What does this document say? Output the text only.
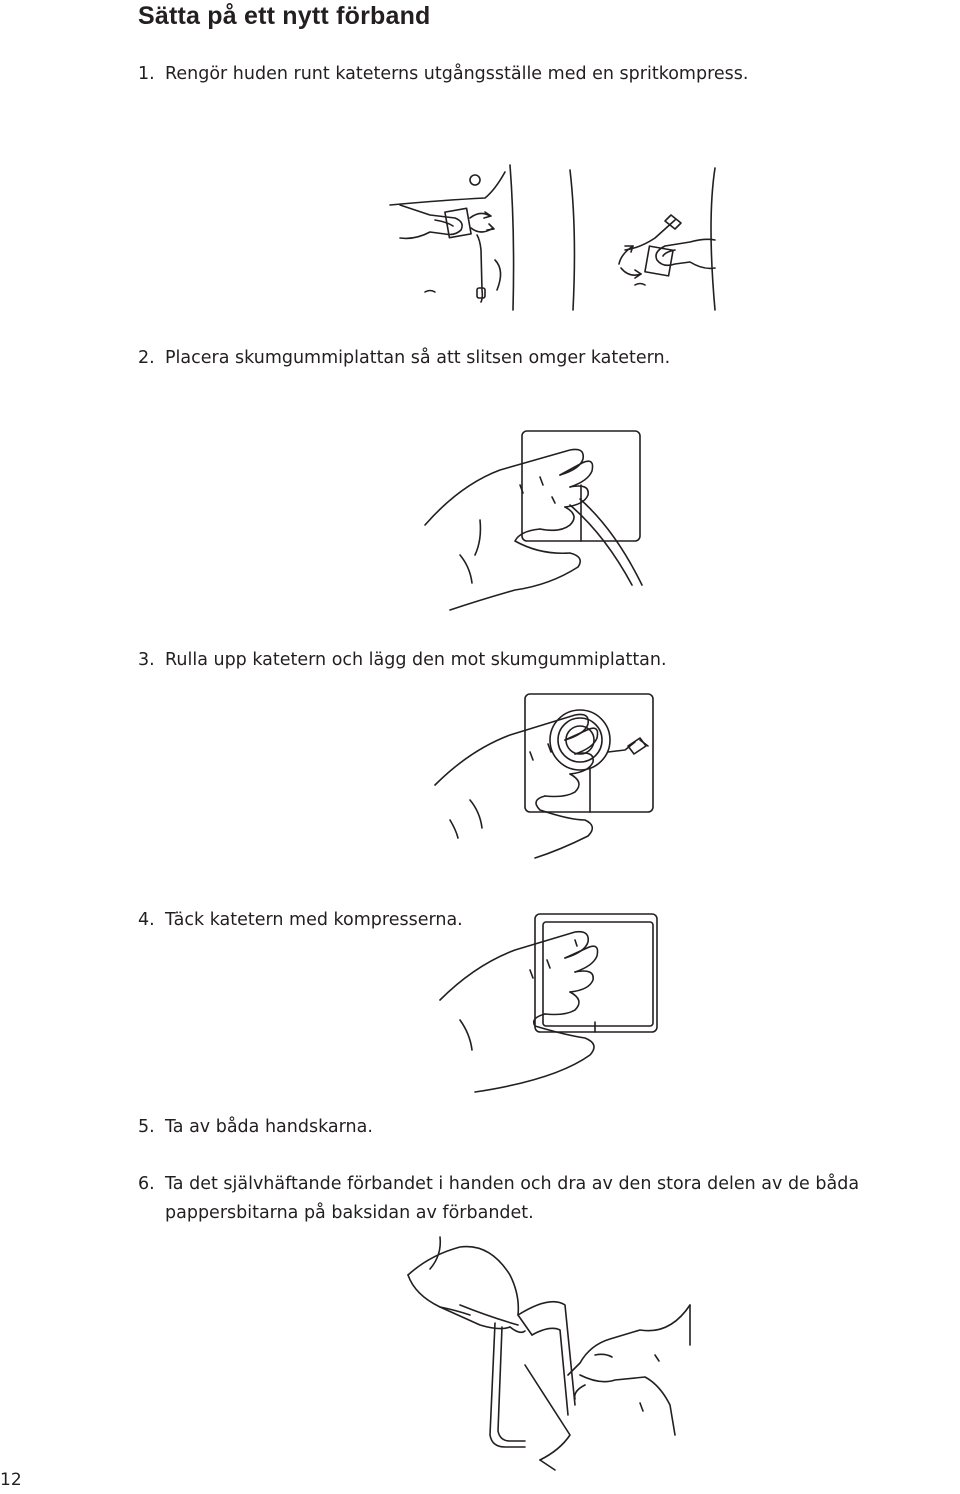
Sätta på ett nytt förband
1. Rengör huden runt kateterns utgångsställe med en spritkompress.
2. Placera skumgummiplattan så att slitsen omger katetern.
3. Rulla upp katetern och lägg den mot skumgummiplattan.
4. Täck katetern med kompresserna.
5. Ta av båda handskarna.
6. Ta det självhäftande förbandet i handen och dra av den stora delen av de båda pappersbitarna på baksidan av förbandet.
12
